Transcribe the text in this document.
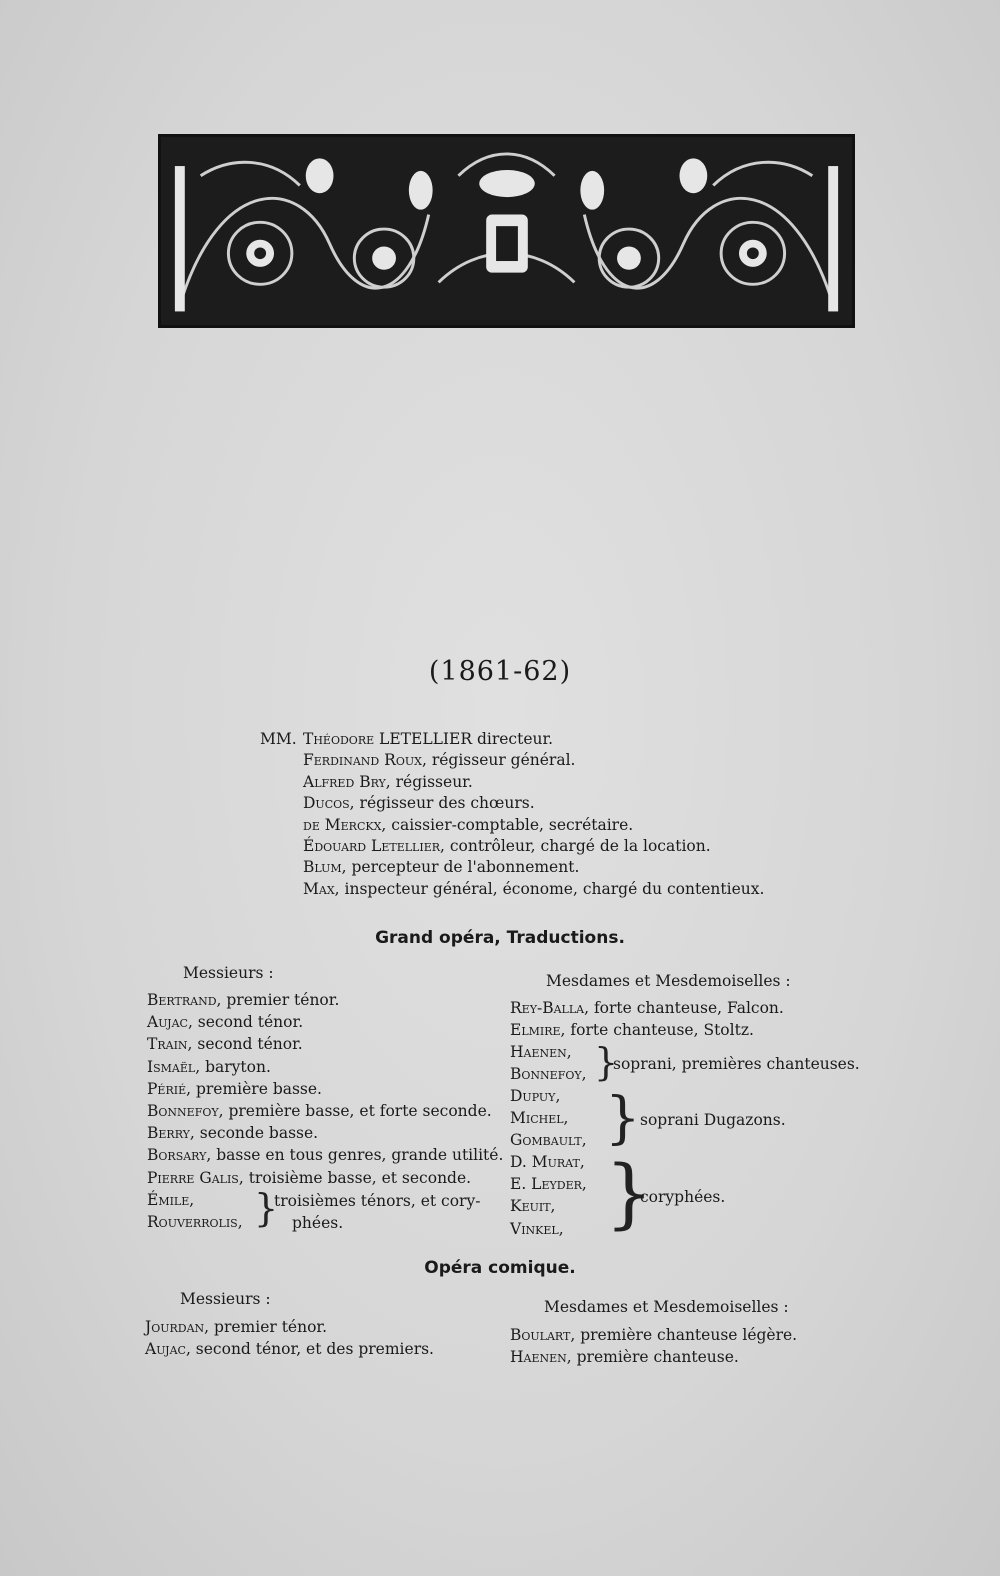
(1861-62)
MM. Théodore LETELLIER directeur.
Ferdinand Roux, régisseur général.
Alfred Bry, régisseur.
Ducos, régisseur des chœurs.
de Merckx, caissier-comptable, secrétaire.
Édouard Letellier, contrôleur, chargé de la location.
Blum, percepteur de l'abonnement.
Max, inspecteur général, économe, chargé du contentieux.
Grand opéra, Traductions.
Messieurs :	Mesdames et Mesdemoiselles :
Bertrand, premier ténor.
Aujac, second ténor.
Train, second ténor.
Ismaël, baryton.
Périé, première basse.
Bonnefoy, première basse, et forte seconde.
Berry, seconde basse.
Borsary, basse en tous genres, grande utilité.
Pierre Galis, troisième basse, et seconde.
Émile,
Rouverrolis, }
troisièmes ténors, et cory-
phées.
Rey-Balla, forte chanteuse, Falcon.
Elmire, forte chanteuse, Stoltz.
Haenen,
Bonnefoy, }
soprani, premières chanteuses.
Dupuy,
Michel,
Gombault, } soprani Dugazons.
D. Murat,
E. Leyder,
Keuit,
Vinkel, }
coryphées.
Opéra comique.
Messieurs :	Mesdames et Mesdemoiselles :
Jourdan, premier ténor.
Aujac, second ténor, et des premiers.
Boulart, première chanteuse légère.
Haenen, première chanteuse.
